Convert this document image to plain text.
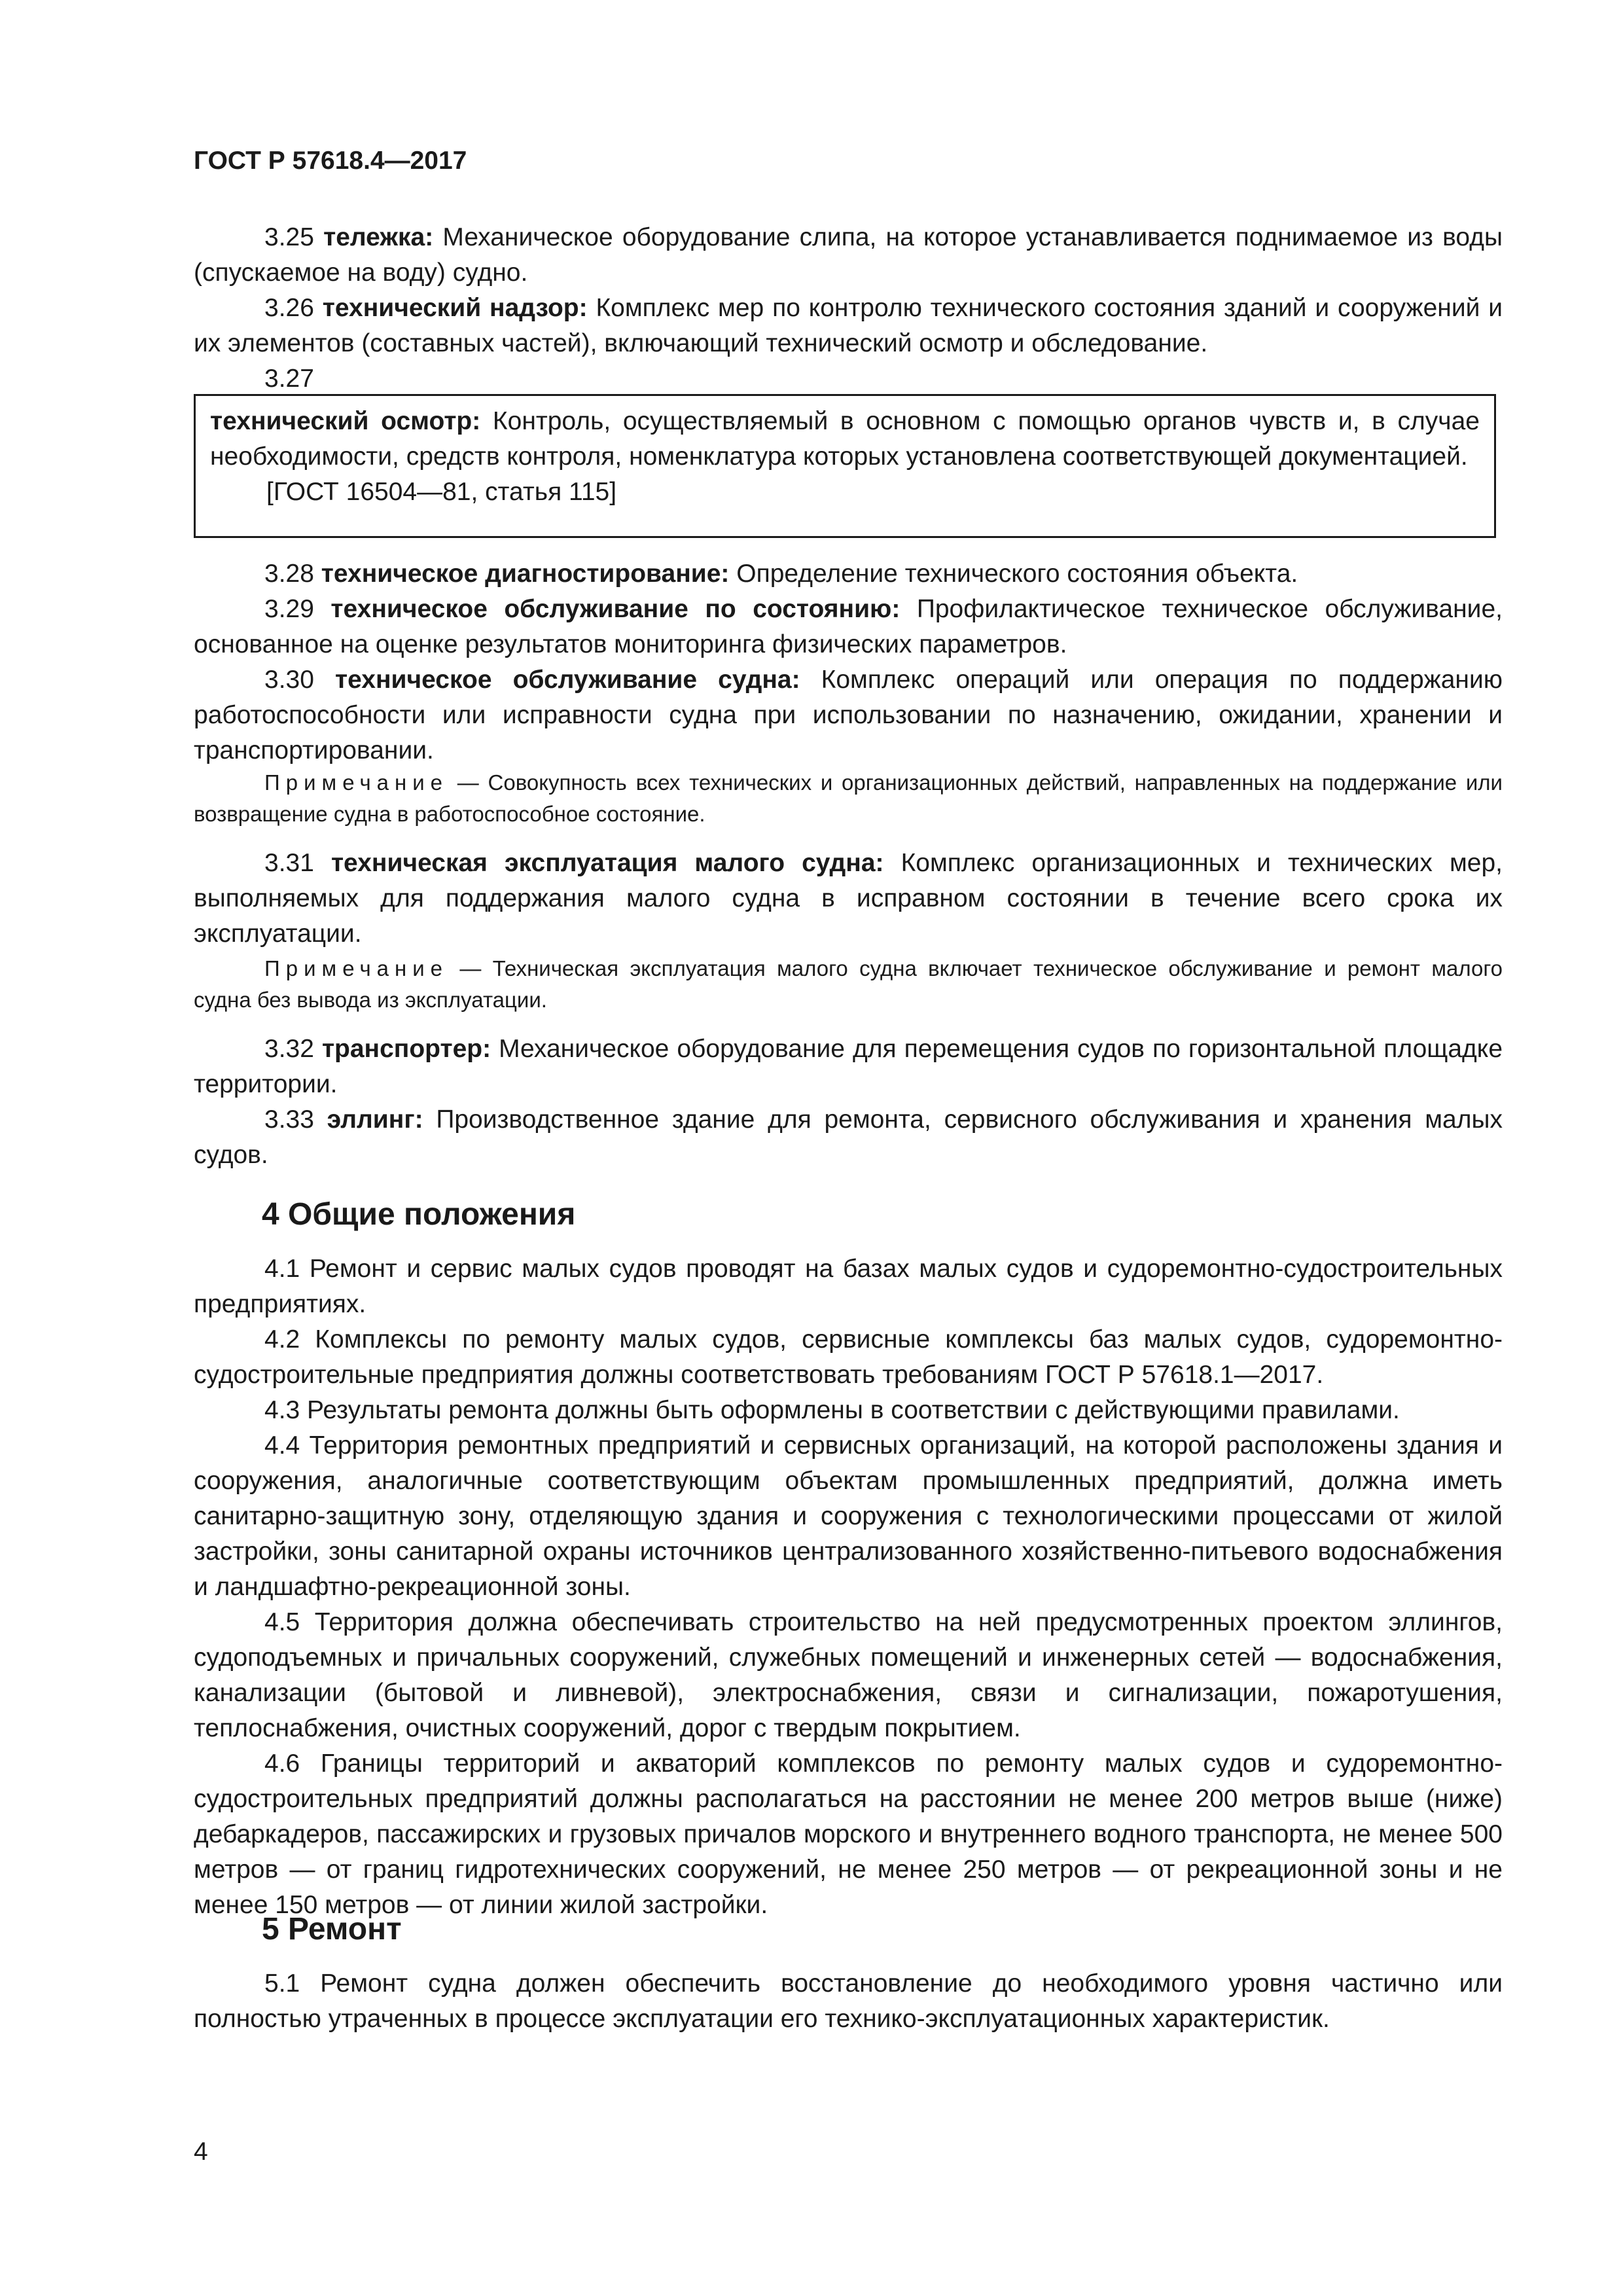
ГОСТ Р 57618.4—2017

3.25 тележка: Механическое оборудование слипа, на которое устанавливается поднимаемое из воды (спускаемое на воду) судно.

3.26 технический надзор: Комплекс мер по контролю технического состояния зданий и сооружений и их элементов (составных частей), включающий технический осмотр и обследование.

3.27

технический осмотр: Контроль, осуществляемый в основном с помощью органов чувств и, в случае необходимости, средств контроля, номенклатура которых установлена соответствующей документацией.

[ГОСТ 16504—81, статья 115]

3.28 техническое диагностирование: Определение технического состояния объекта.

3.29 техническое обслуживание по состоянию: Профилактическое техническое обслуживание, основанное на оценке результатов мониторинга физических параметров.

3.30 техническое обслуживание судна: Комплекс операций или операция по поддержанию работоспособности или исправности судна при использовании по назначению, ожидании, хранении и транспортировании.

Примечание — Совокупность всех технических и организационных действий, направленных на поддержание или возвращение судна в работоспособное состояние.

3.31 техническая эксплуатация малого судна: Комплекс организационных и технических мер, выполняемых для поддержания малого судна в исправном состоянии в течение всего срока их эксплуатации.

Примечание — Техническая эксплуатация малого судна включает техническое обслуживание и ремонт малого судна без вывода из эксплуатации.

3.32 транспортер: Механическое оборудование для перемещения судов по горизонтальной площадке территории.

3.33 эллинг: Производственное здание для ремонта, сервисного обслуживания и хранения малых судов.

4 Общие положения

4.1 Ремонт и сервис малых судов проводят на базах малых судов и судоремонтно-судостроительных предприятиях.

4.2 Комплексы по ремонту малых судов, сервисные комплексы баз малых судов, судоремонтно-судостроительные предприятия должны соответствовать требованиям ГОСТ Р 57618.1—2017.

4.3 Результаты ремонта должны быть оформлены в соответствии с действующими правилами.

4.4 Территория ремонтных предприятий и сервисных организаций, на которой расположены здания и сооружения, аналогичные соответствующим объектам промышленных предприятий, должна иметь санитарно-защитную зону, отделяющую здания и сооружения с технологическими процессами от жилой застройки, зоны санитарной охраны источников централизованного хозяйственно-питьевого водоснабжения и ландшафтно-рекреационной зоны.

4.5 Территория должна обеспечивать строительство на ней предусмотренных проектом эллингов, судоподъемных и причальных сооружений, служебных помещений и инженерных сетей — водоснабжения, канализации (бытовой и ливневой), электроснабжения, связи и сигнализации, пожаротушения, теплоснабжения, очистных сооружений, дорог с твердым покрытием.

4.6 Границы территорий и акваторий комплексов по ремонту малых судов и судоремонтно-судостроительных предприятий должны располагаться на расстоянии не менее 200 метров выше (ниже) дебаркадеров, пассажирских и грузовых причалов морского и внутреннего водного транспорта, не менее 500 метров — от границ гидротехнических сооружений, не менее 250 метров — от рекреационной зоны и не менее 150 метров — от линии жилой застройки.

5 Ремонт

5.1 Ремонт судна должен обеспечить восстановление до необходимого уровня частично или полностью утраченных в процессе эксплуатации его технико-эксплуатационных характеристик.

4
